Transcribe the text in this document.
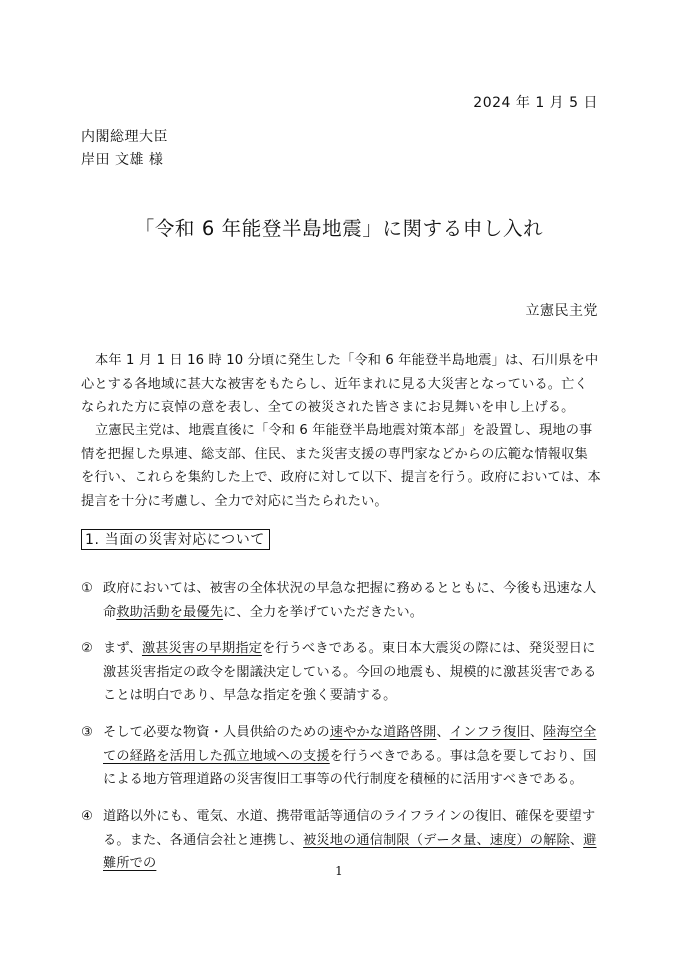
2024 年 1 月 5 日
内閣総理大臣
岸田 文雄 様
「令和 6 年能登半島地震」に関する申し入れ
立憲民主党

本年 1 月 1 日 16 時 10 分頃に発生した「令和 6 年能登半島地震」は、石川県を中心とする各地域に甚大な被害をもたらし、近年まれに見る大災害となっている。亡くなられた方に哀悼の意を表し、全ての被災された皆さまにお見舞いを申し上げる。

立憲民主党は、地震直後に「令和 6 年能登半島地震対策本部」を設置し、現地の事情を把握した県連、総支部、住民、また災害支援の専門家などからの広範な情報収集を行い、これらを集約した上で、政府に対して以下、提言を行う。政府においては、本提言を十分に考慮し、全力で対応に当たられたい。

1. 当面の災害対応について
① 政府においては、被害の全体状況の早急な把握に務めるとともに、今後も迅速な人命救助活動を最優先に、全力を挙げていただきたい。
② まず、激甚災害の早期指定を行うべきである。東日本大震災の際には、発災翌日に激甚災害指定の政令を閣議決定している。今回の地震も、規模的に激甚災害であることは明白であり、早急な指定を強く要請する。
③ そして必要な物資・人員供給のための速やかな道路啓開、インフラ復旧、陸海空全ての経路を活用した孤立地域への支援を行うべきである。事は急を要しており、国による地方管理道路の災害復旧工事等の代行制度を積極的に活用すべきである。
④ 道路以外にも、電気、水道、携帯電話等通信のライフラインの復旧、確保を要望する。また、各通信会社と連携し、被災地の通信制限（データ量、速度）の解除、避難所での	1
